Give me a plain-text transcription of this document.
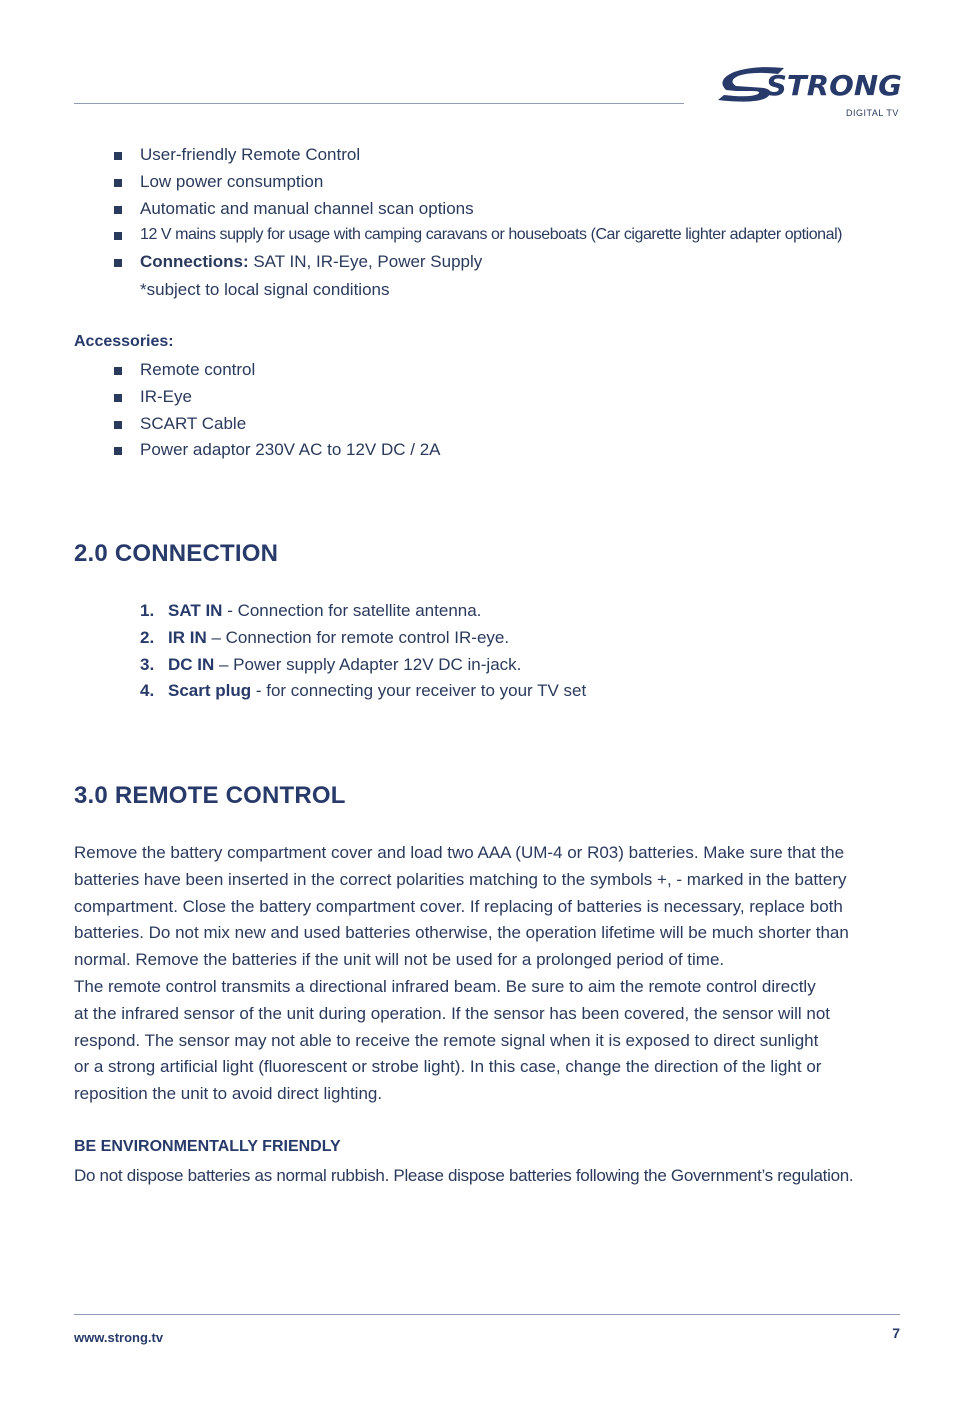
STRONG
DIGITAL TV
User-friendly Remote Control
Low power consumption
Automatic and manual channel scan options
12 V mains supply for usage with camping caravans or houseboats (Car cigarette lighter adapter optional)
Connections: SAT IN, IR-Eye, Power Supply
*subject to local signal conditions
Accessories:
Remote control
IR-Eye
SCART Cable
Power adaptor 230V AC to 12V DC / 2A
2.0 CONNECTION
1. SAT IN - Connection for satellite antenna.
2. IR IN – Connection for remote control IR-eye.
3. DC IN – Power supply Adapter 12V DC in-jack.
4. Scart plug - for connecting your receiver to your TV set
3.0 REMOTE CONTROL
Remove the battery compartment cover and load two AAA (UM-4 or R03) batteries. Make sure that the
batteries have been inserted in the correct polarities matching to the symbols +, - marked in the battery
compartment. Close the battery compartment cover. If replacing of batteries is necessary, replace both
batteries. Do not mix new and used batteries otherwise, the operation lifetime will be much shorter than
normal. Remove the batteries if the unit will not be used for a prolonged period of time.
The remote control transmits a directional infrared beam. Be sure to aim the remote control directly
at the infrared sensor of the unit during operation. If the sensor has been covered, the sensor will not
respond. The sensor may not able to receive the remote signal when it is exposed to direct sunlight
or a strong artificial light (fluorescent or strobe light). In this case, change the direction of the light or
reposition the unit to avoid direct lighting.
BE ENVIRONMENTALLY FRIENDLY
Do not dispose batteries as normal rubbish. Please dispose batteries following the Government’s regulation.
www.strong.tv	7
